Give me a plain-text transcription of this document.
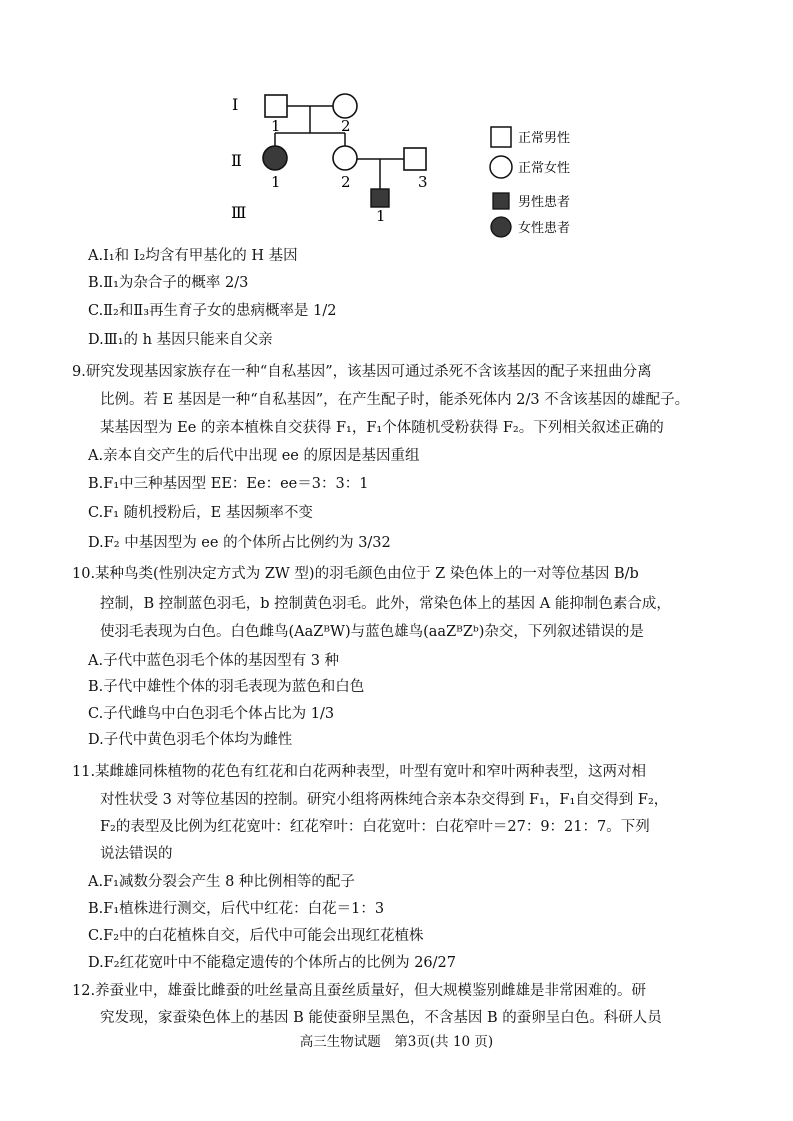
Ⅰ
Ⅱ
Ⅲ
1	2
1	2	3
1
正常男性
正常女性
男性患者
女性患者
A.I₁和 I₂均含有甲基化的 H 基因
B.Ⅱ₁为杂合子的概率 2/3
C.Ⅱ₂和Ⅱ₃再生育子女的患病概率是 1/2
D.Ⅲ₁的 h 基因只能来自父亲
9.研究发现基因家族存在一种“自私基因”，该基因可通过杀死不含该基因的配子来扭曲分离
比例。若 E 基因是一种“自私基因”，在产生配子时，能杀死体内 2/3 不含该基因的雄配子。
某基因型为 Ee 的亲本植株自交获得 F₁，F₁个体随机受粉获得 F₂。下列相关叙述正确的
A.亲本自交产生的后代中出现 ee 的原因是基因重组
B.F₁中三种基因型 EE：Ee：ee＝3：3：1
C.F₁ 随机授粉后，E 基因频率不变
D.F₂ 中基因型为 ee 的个体所占比例约为 3/32
10.某种鸟类(性别决定方式为 ZW 型)的羽毛颜色由位于 Z 染色体上的一对等位基因 B/b
控制，B 控制蓝色羽毛，b 控制黄色羽毛。此外，常染色体上的基因 A 能抑制色素合成，
使羽毛表现为白色。白色雌鸟(AaZᴮW)与蓝色雄鸟(aaZᴮZᵇ)杂交，下列叙述错误的是
A.子代中蓝色羽毛个体的基因型有 3 种
B.子代中雄性个体的羽毛表现为蓝色和白色
C.子代雌鸟中白色羽毛个体占比为 1/3
D.子代中黄色羽毛个体均为雌性
11.某雌雄同株植物的花色有红花和白花两种表型，叶型有宽叶和窄叶两种表型，这两对相
对性状受 3 对等位基因的控制。研究小组将两株纯合亲本杂交得到 F₁，F₁自交得到 F₂，
F₂的表型及比例为红花宽叶：红花窄叶：白花宽叶：白花窄叶＝27：9：21：7。下列
说法错误的
A.F₁减数分裂会产生 8 种比例相等的配子
B.F₁植株进行测交，后代中红花：白花＝1：3
C.F₂中的白花植株自交，后代中可能会出现红花植株
D.F₂红花宽叶中不能稳定遗传的个体所占的比例为 26/27
12.养蚕业中，雄蚕比雌蚕的吐丝量高且蚕丝质量好，但大规模鉴别雌雄是非常困难的。研
究发现，家蚕染色体上的基因 B 能使蚕卵呈黑色，不含基因 B 的蚕卵呈白色。科研人员
高三生物试题　第3页(共 10 页)
